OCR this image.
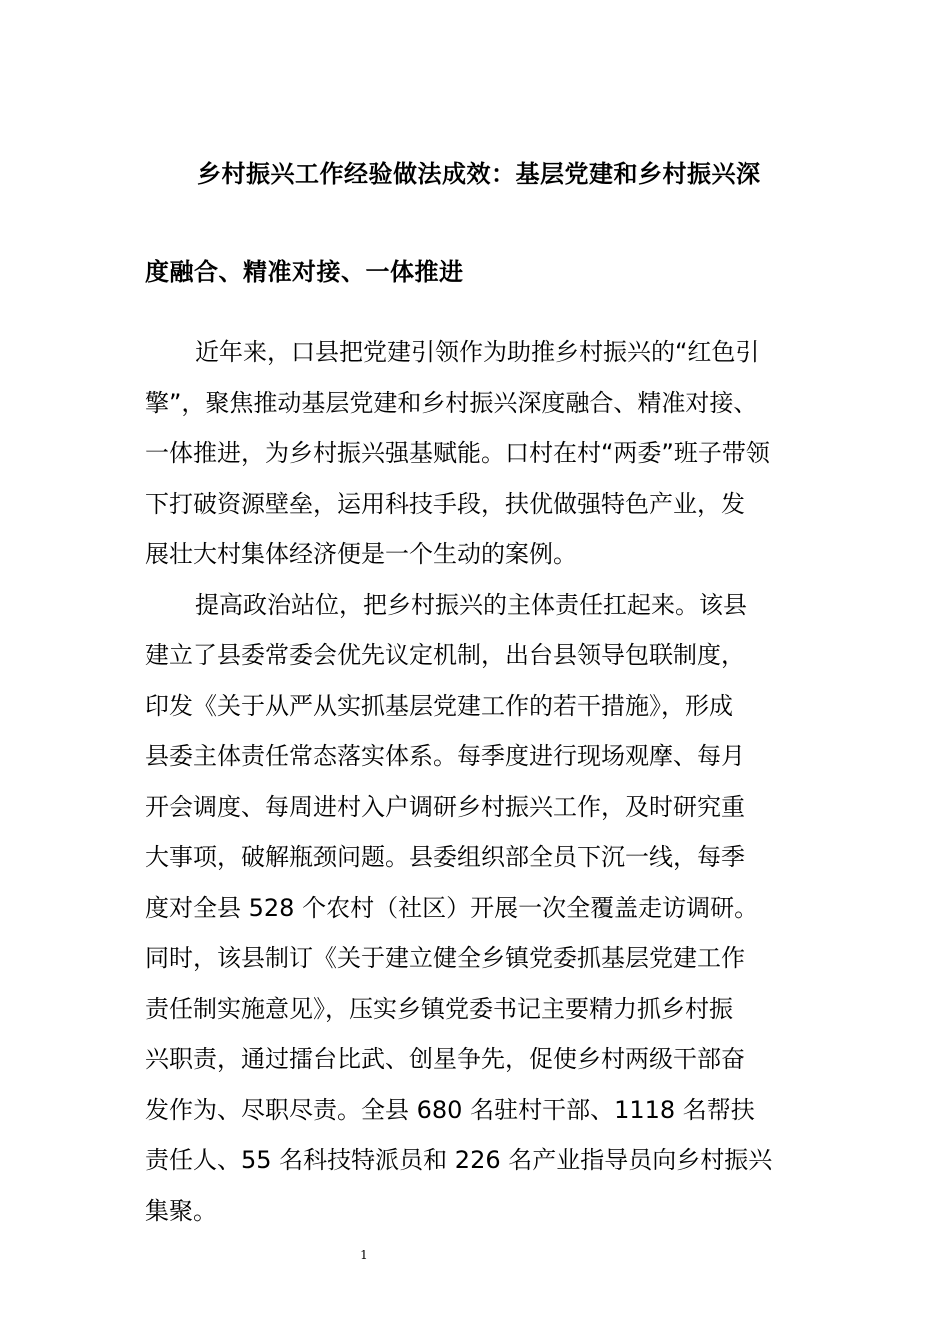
乡村振兴工作经验做法成效：基层党建和乡村振兴深
度融合、精准对接、一体推进
近年来，口县把党建引领作为助推乡村振兴的“红色引
擎”，聚焦推动基层党建和乡村振兴深度融合、精准对接、
一体推进，为乡村振兴强基赋能。口村在村“两委”班子带领
下打破资源壁垒，运用科技手段，扶优做强特色产业，发
展壮大村集体经济便是一个生动的案例。
提高政治站位，把乡村振兴的主体责任扛起来。该县
建立了县委常委会优先议定机制，出台县领导包联制度，
印发《关于从严从实抓基层党建工作的若干措施》，形成
县委主体责任常态落实体系。每季度进行现场观摩、每月
开会调度、每周进村入户调研乡村振兴工作，及时研究重
大事项，破解瓶颈问题。县委组织部全员下沉一线，每季
度对全县 528 个农村（社区）开展一次全覆盖走访调研。
同时，该县制订《关于建立健全乡镇党委抓基层党建工作
责任制实施意见》，压实乡镇党委书记主要精力抓乡村振
兴职责，通过擂台比武、创星争先，促使乡村两级干部奋
发作为、尽职尽责。全县 680 名驻村干部、1118 名帮扶
责任人、55 名科技特派员和 226 名产业指导员向乡村振兴
集聚。
1
